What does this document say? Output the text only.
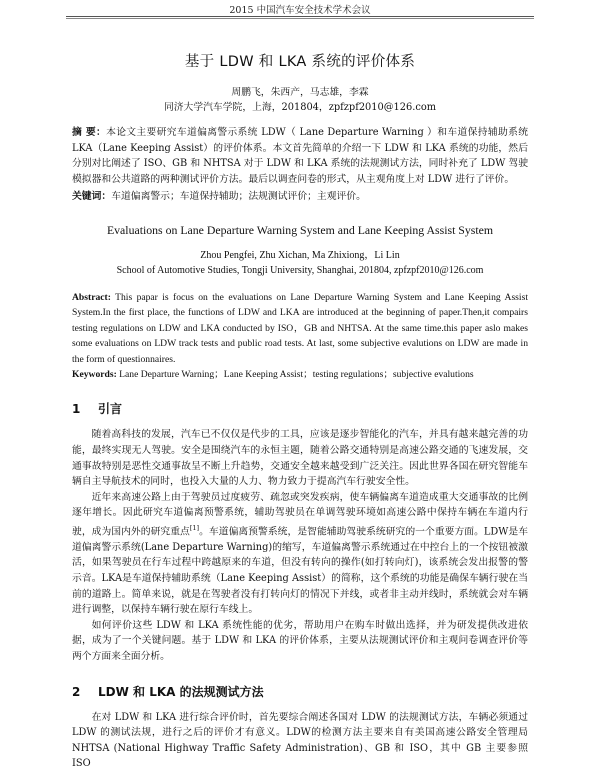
2015 中国汽车安全技术学术会议
基于 LDW 和 LKA 系统的评价体系
周鹏飞，朱西产，马志雄，李霖
同济大学汽车学院，上海，201804，zpfzpf2010@126.com

摘 要：本论文主要研究车道偏离警示系统 LDW（ Lane Departure Warning ）和车道保持辅助系统 LKA（Lane Keeping Assist）的评价体系。本文首先简单的介绍一下 LDW 和 LKA 系统的功能，然后分别对比阐述了 ISO、GB 和 NHTSA 对于 LDW 和 LKA 系统的法规测试方法，同时补充了 LDW 驾驶模拟器和公共道路的两种测试评价方法。最后以调查问卷的形式，从主观角度上对 LDW 进行了评价。

关键词：车道偏离警示；车道保持辅助；法规测试评价；主观评价。

Evaluations on Lane Departure Warning System and Lane Keeping Assist System
Zhou Pengfei, Zhu Xichan, Ma Zhixiong，Li Lin
School of Automotive Studies, Tongji University, Shanghai, 201804, zpfzpf2010@126.com

Abstract: This papar is focus on the evaluations on Lane Departure Warning System and Lane Keeping Assist System.In the first place, the functions of LDW and LKA are introduced at the beginning of paper.Then,it compairs testing regulations on LDW and LKA conducted by ISO，GB and NHTSA. At the same time.this paper aslo makes some evaluations on LDW track tests and public road tests. At last, some subjective evalutions on LDW are made in the form of questionnaires.

Keywords: Lane Departure Warning；Lane Keeping Assist；testing regulations；subjective evalutions

1 引言

随着高科技的发展，汽车已不仅仅是代步的工具，应该是逐步智能化的汽车，并具有越来越完善的功能，最终实现无人驾驶。安全是围绕汽车的永恒主题，随着公路交通特别是高速公路交通的飞速发展，交通事故特别是恶性交通事故呈不断上升趋势，交通安全越来越受到广泛关注。因此世界各国在研究智能车辆自主导航技术的同时，也投入大量的人力、物力致力于提高汽车行驶安全性。

近年来高速公路上由于驾驶员过度疲劳、疏忽或突发疾病，使车辆偏离车道造成重大交通事故的比例逐年增长。因此研究车道偏离预警系统，辅助驾驶员在单调驾驶环境如高速公路中保持车辆在车道内行驶，成为国内外的研究重点[1]。车道偏离预警系统，是智能辅助驾驶系统研究的一个重要方面。LDW是车道偏离警示系统(Lane Departure Warning)的缩写，车道偏离警示系统通过在中控台上的一个按钮被激活，如果驾驶员在行车过程中跨越原来的车道，但没有转向的操作(如打转向灯)，该系统会发出报警的警示音。LKA是车道保持辅助系统（Lane Keeping Assist）的简称，这个系统的功能是确保车辆行驶在当前的道路上。简单来说，就是在驾驶者没有打转向灯的情况下并线，或者非主动并线时，系统就会对车辆进行调整，以保持车辆行驶在原行车线上。

如何评价这些 LDW 和 LKA 系统性能的优劣，帮助用户在购车时做出选择，并为研发提供改进依据，成为了一个关键问题。基于 LDW 和 LKA 的评价体系，主要从法规测试评价和主观问卷调查评价等两个方面来全面分析。

2 LDW 和 LKA 的法规测试方法

在对 LDW 和 LKA 进行综合评价时，首先要综合阐述各国对 LDW 的法规测试方法，车辆必须通过 LDW 的测试法规，进行之后的评价才有意义。LDW的检测方法主要来自有美国高速公路安全管理局 NHTSA (National Highway Traffic Safety Administration)、GB 和 ISO，其中 GB 主要参照 ISO
